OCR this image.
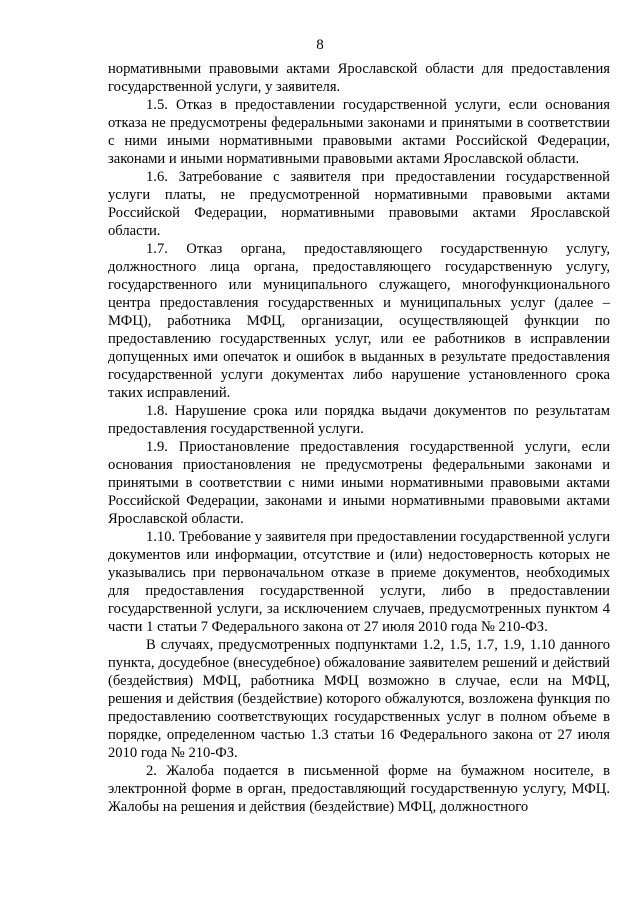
8

нормативными правовыми актами Ярославской области для предоставления государственной услуги, у заявителя.

1.5. Отказ в предоставлении государственной услуги, если основания отказа не предусмотрены федеральными законами и принятыми в соответствии с ними иными нормативными правовыми актами Российской Федерации, законами и иными нормативными правовыми актами Ярославской области.

1.6. Затребование с заявителя при предоставлении государственной услуги платы, не предусмотренной нормативными правовыми актами Российской Федерации, нормативными правовыми актами Ярославской области.

1.7. Отказ органа, предоставляющего государственную услугу, должностного лица органа, предоставляющего государственную услугу, государственного или муниципального служащего, многофункционального центра предоставления государственных и муниципальных услуг (далее – МФЦ), работника МФЦ, организации, осуществляющей функции по предоставлению государственных услуг, или ее работников в исправлении допущенных ими опечаток и ошибок в выданных в результате предоставления государственной услуги документах либо нарушение установленного срока таких исправлений.

1.8. Нарушение срока или порядка выдачи документов по результатам предоставления государственной услуги.

1.9. Приостановление предоставления государственной услуги, если основания приостановления не предусмотрены федеральными законами и принятыми в соответствии с ними иными нормативными правовыми актами Российской Федерации, законами и иными нормативными правовыми актами Ярославской области.

1.10. Требование у заявителя при предоставлении государственной услуги документов или информации, отсутствие и (или) недостоверность которых не указывались при первоначальном отказе в приеме документов, необходимых для предоставления государственной услуги, либо в предоставлении государственной услуги, за исключением случаев, предусмотренных пунктом 4 части 1 статьи 7 Федерального закона от 27 июля 2010 года № 210-ФЗ.

В случаях, предусмотренных подпунктами 1.2, 1.5, 1.7, 1.9, 1.10 данного пункта, досудебное (внесудебное) обжалование заявителем решений и действий (бездействия) МФЦ, работника МФЦ возможно в случае, если на МФЦ, решения и действия (бездействие) которого обжалуются, возложена функция по предоставлению соответствующих государственных услуг в полном объеме в порядке, определенном частью 1.3 статьи 16 Федерального закона от 27 июля 2010 года № 210-ФЗ.

2. Жалоба подается в письменной форме на бумажном носителе, в электронной форме в орган, предоставляющий государственную услугу, МФЦ. Жалобы на решения и действия (бездействие) МФЦ, должностного
